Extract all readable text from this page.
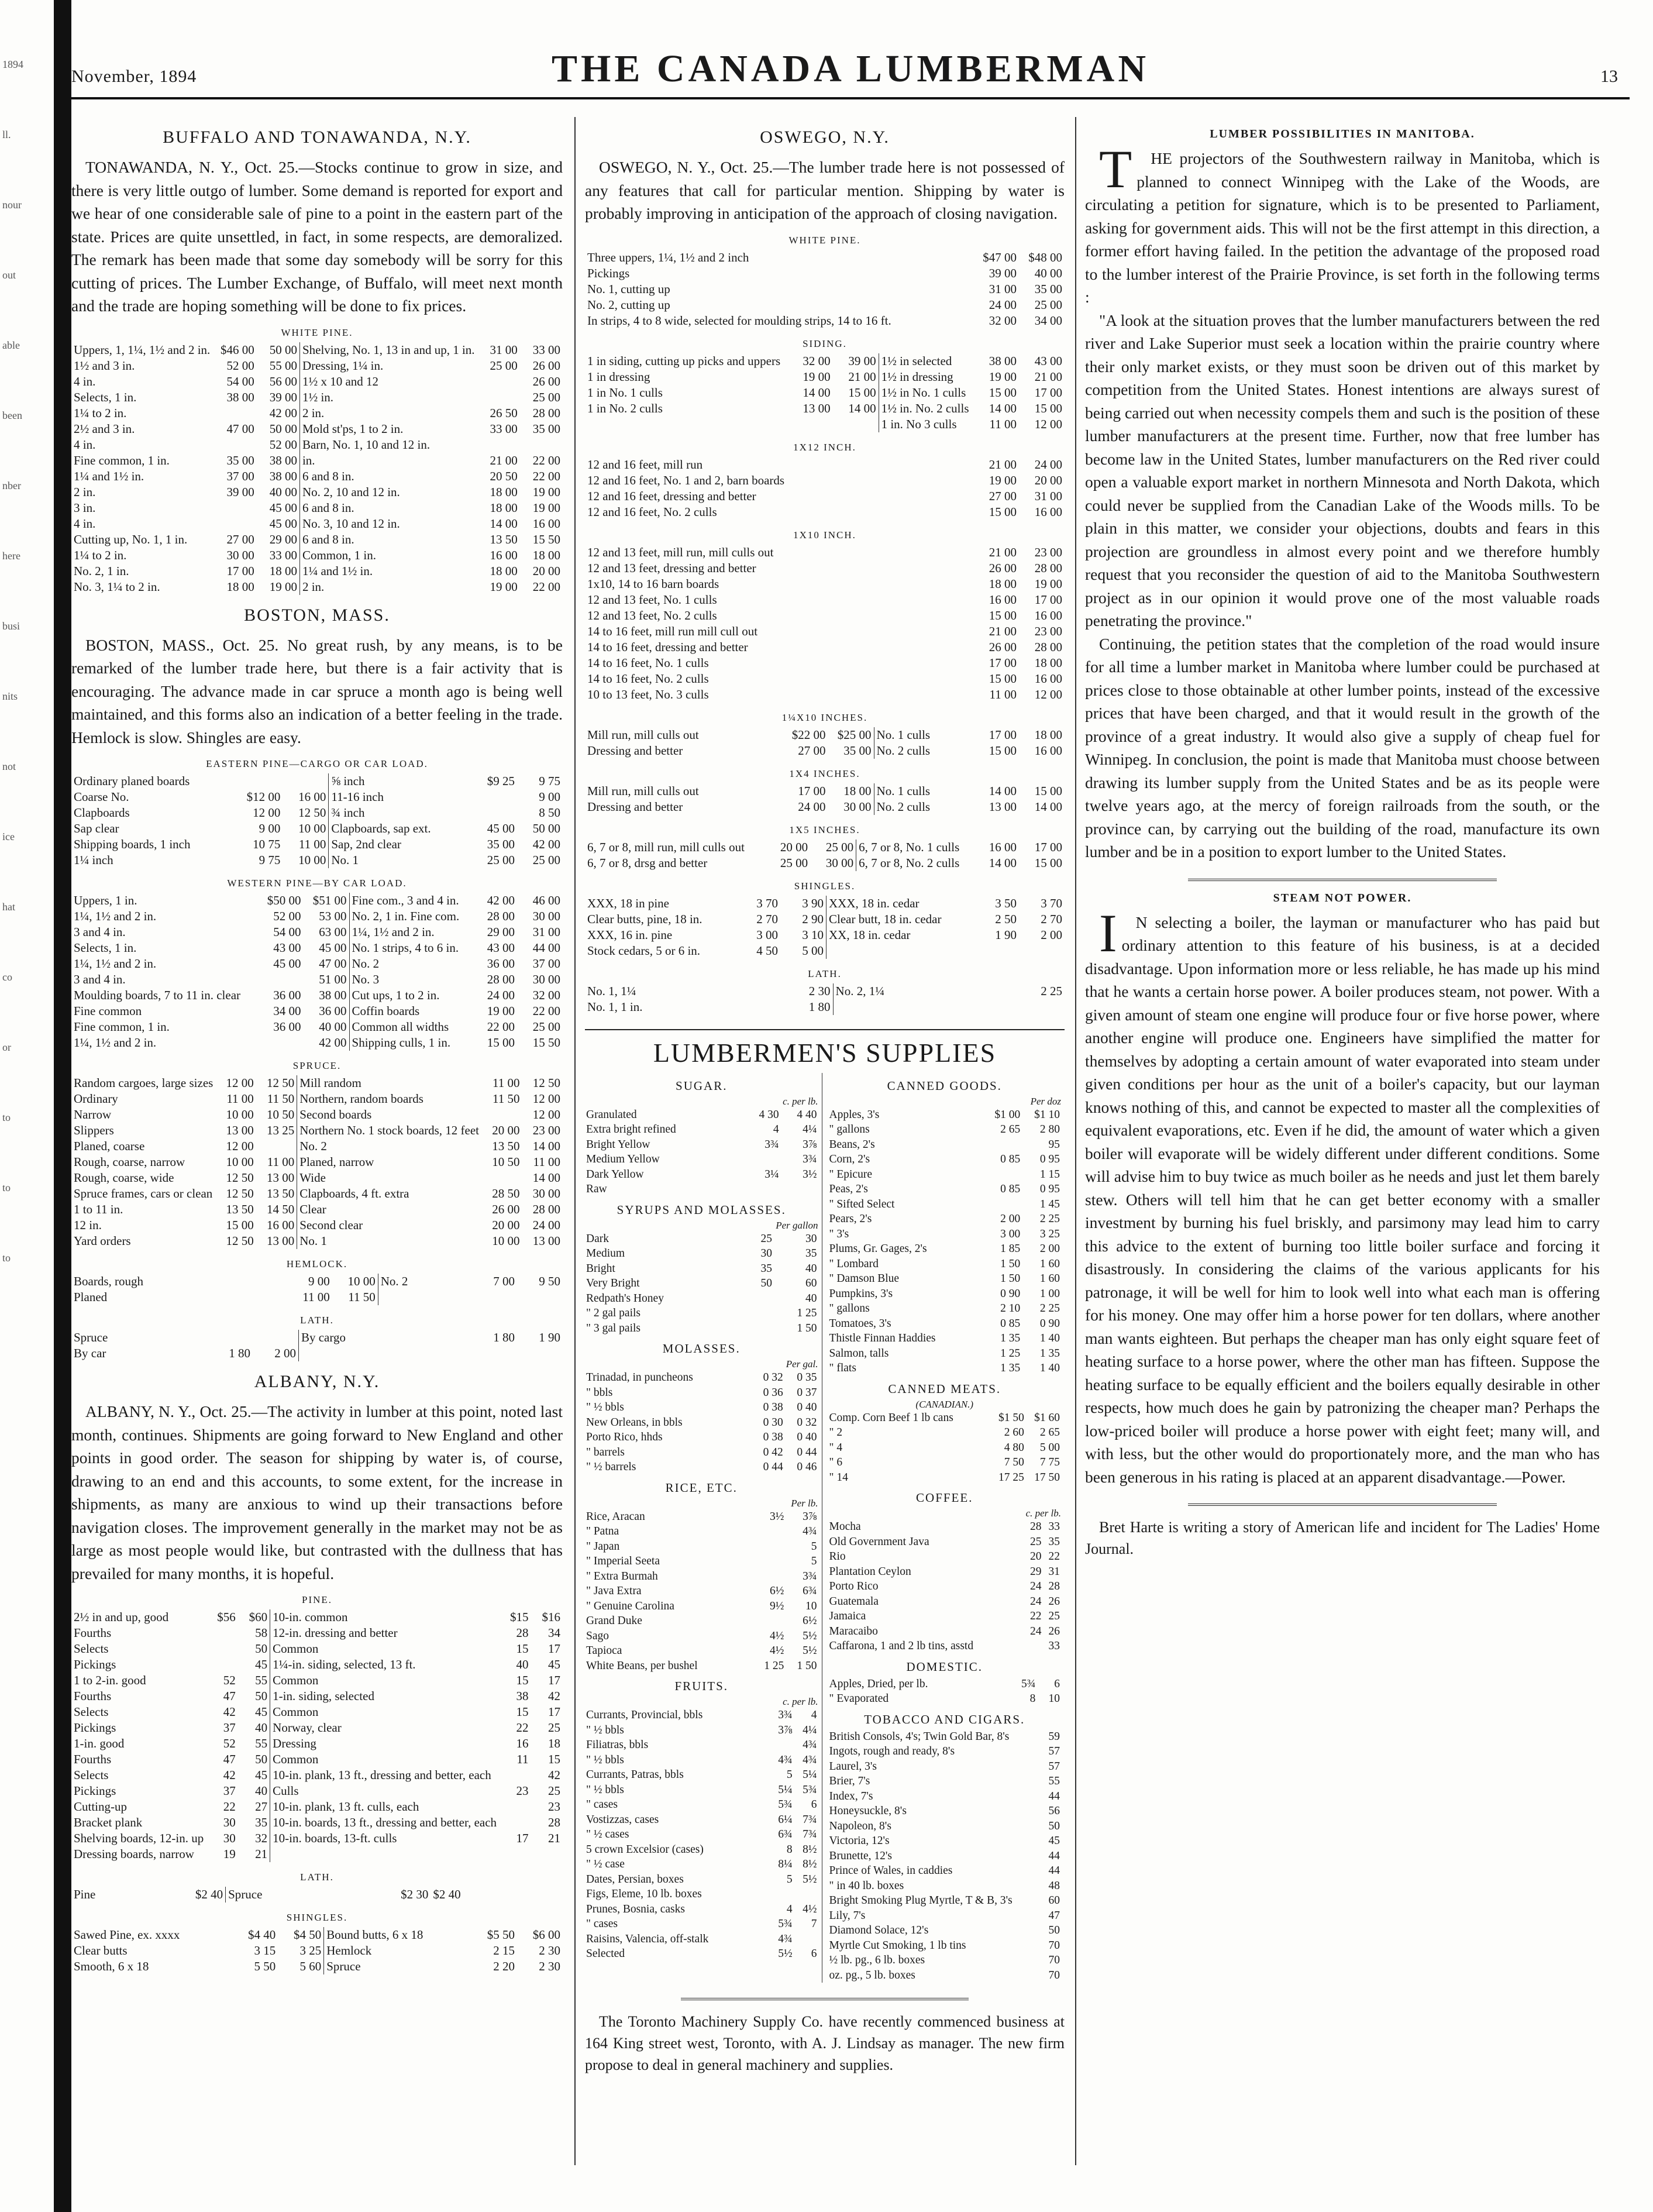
1894

ll.

nour

out

able

been

nber

here

busi

nits

not

ice

hat

co

or

to

to

to
November, 1894	THE CANADA LUMBERMAN	13
BUFFALO AND TONAWANDA, N.Y.

TONAWANDA, N. Y., Oct. 25.—Stocks continue to grow in size, and there is very little outgo of lumber. Some demand is reported for export and we hear of one considerable sale of pine to a point in the eastern part of the state. Prices are quite unsettled, in fact, in some respects, are demoralized. The remark has been made that some day somebody will be sorry for this cutting of prices. The Lumber Exchange, of Buffalo, will meet next month and the trade are hoping something will be done to fix prices.

WHITE PINE.
Uppers, 1, 1¼, 1½ and 2 in.	$46 00	50 00	Shelving, No. 1, 13 in and up, 1 in.	31 00	33 00
1½ and 3 in.	52 00	55 00	Dressing, 1¼ in.	25 00	26 00
4 in.	54 00	56 00	1½ x 10 and 12		26 00
Selects, 1 in.	38 00	39 00	1½ in.		25 00
1¼ to 2 in.		42 00	2 in.	26 50	28 00
2½ and 3 in.	47 00	50 00	Mold st'ps, 1 to 2 in.	33 00	35 00
4 in.		52 00	Barn, No. 1, 10 and 12 in.		
Fine common, 1 in.	35 00	38 00	in.	21 00	22 00
1¼ and 1½ in.	37 00	38 00	6 and 8 in.	20 50	22 00
2 in.	39 00	40 00	No. 2, 10 and 12 in.	18 00	19 00
3 in.		45 00	6 and 8 in.	18 00	19 00
4 in.		45 00	No. 3, 10 and 12 in.	14 00	16 00
Cutting up, No. 1, 1 in.	27 00	29 00	6 and 8 in.	13 50	15 50
1¼ to 2 in.	30 00	33 00	Common, 1 in.	16 00	18 00
No. 2, 1 in.	17 00	18 00	1¼ and 1½ in.	18 00	20 00
No. 3, 1¼ to 2 in.	18 00	19 00	2 in.	19 00	22 00
BOSTON, MASS.

BOSTON, MASS., Oct. 25. No great rush, by any means, is to be remarked of the lumber trade here, but there is a fair activity that is encouraging. The advance made in car spruce a month ago is being well maintained, and this forms also an indication of a better feeling in the trade. Hemlock is slow. Shingles are easy.

EASTERN PINE—CARGO OR CAR LOAD.
Ordinary planed boards			⅝ inch	$9 25	9 75
Coarse No.	$12 00	16 00	11-16 inch		9 00
Clapboards	12 00	12 50	¾ inch		8 50
Sap clear	9 00	10 00	Clapboards, sap ext.	45 00	50 00
Shipping boards, 1 inch	10 75	11 00	Sap, 2nd clear	35 00	42 00
1¼ inch	9 75	10 00	No. 1	25 00	25 00
WESTERN PINE—BY CAR LOAD.
Uppers, 1 in.	$50 00	$51 00	Fine com., 3 and 4 in.	42 00	46 00
1¼, 1½ and 2 in.	52 00	53 00	No. 2, 1 in. Fine com.	28 00	30 00
3 and 4 in.	54 00	63 00	1¼, 1½ and 2 in.	29 00	31 00
Selects, 1 in.	43 00	45 00	No. 1 strips, 4 to 6 in.	43 00	44 00
1¼, 1½ and 2 in.	45 00	47 00	No. 2	36 00	37 00
3 and 4 in.		51 00	No. 3	28 00	30 00
Moulding boards, 7 to 11 in. clear	36 00	38 00	Cut ups, 1 to 2 in.	24 00	32 00
Fine common	34 00	36 00	Coffin boards	19 00	22 00
Fine common, 1 in.	36 00	40 00	Common all widths	22 00	25 00
1¼, 1½ and 2 in.		42 00	Shipping culls, 1 in.	15 00	15 50
SPRUCE.
Random cargoes, large sizes	12 00	12 50	Mill random	11 00	12 50
Ordinary	11 00	11 50	Northern, random boards	11 50	12 00
Narrow	10 00	10 50	Second boards		12 00
Slippers	13 00	13 25	Northern No. 1 stock boards, 12 feet	20 00	23 00
Planed, coarse	12 00		No. 2	13 50	14 00
Rough, coarse, narrow	10 00	11 00	Planed, narrow	10 50	11 00
Rough, coarse, wide	12 50	13 00	Wide		14 00
Spruce frames, cars or clean	12 50	13 50	Clapboards, 4 ft. extra	28 50	30 00
1 to 11 in.	13 50	14 50	Clear	26 00	28 00
12 in.	15 00	16 00	Second clear	20 00	24 00
Yard orders	12 50	13 00	No. 1	10 00	13 00
HEMLOCK.
Boards, rough	9 00	10 00	No. 2	7 00	9 50
Planed	11 00	11 50			
LATH.
Spruce			By cargo	1 80	1 90
By car	1 80	2 00			
ALBANY, N.Y.

ALBANY, N. Y., Oct. 25.—The activity in lumber at this point, noted last month, continues. Shipments are going forward to New England and other points in good order. The season for shipping by water is, of course, drawing to an end and this accounts, to some extent, for the increase in shipments, as many are anxious to wind up their transactions before navigation closes. The improvement generally in the market may not be as large as most people would like, but contrasted with the dullness that has prevailed for many months, it is hopeful.

PINE.
2½ in and up, good	$56	$60	10-in. common	$15	$16
Fourths		58	12-in. dressing and better	28	34
Selects		50	Common	15	17
Pickings		45	1¼-in. siding, selected, 13 ft.	40	45
1 to 2-in. good	52	55	Common	15	17
Fourths	47	50	1-in. siding, selected	38	42
Selects	42	45	Common	15	17
Pickings	37	40	Norway, clear	22	25
1-in. good	52	55	Dressing	16	18
Fourths	47	50	Common	11	15
Selects	42	45	10-in. plank, 13 ft., dressing and better, each		42
Pickings	37	40	Culls	23	25
Cutting-up	22	27	10-in. plank, 13 ft. culls, each		23
Bracket plank	30	35	10-in. boards, 13 ft., dressing and better, each		28
Shelving boards, 12-in. up	30	32	10-in. boards, 13-ft. culls	17	21
Dressing boards, narrow	19	21			
LATH.
Pine	$2 40	Spruce	$2 30	$2 40
SHINGLES.
Sawed Pine, ex. xxxx	$4 40	$4 50	Bound butts, 6 x 18	$5 50	$6 00
Clear butts	3 15	3 25	Hemlock	2 15	2 30
Smooth, 6 x 18	5 50	5 60	Spruce	2 20	2 30
OSWEGO, N.Y.

OSWEGO, N. Y., Oct. 25.—The lumber trade here is not possessed of any features that call for particular mention. Shipping by water is probably improving in anticipation of the approach of closing navigation.

WHITE PINE.
Three uppers, 1¼, 1½ and 2 inch	$47 00	$48 00
Pickings	39 00	40 00
No. 1, cutting up	31 00	35 00
No. 2, cutting up	24 00	25 00
In strips, 4 to 8 wide, selected for moulding strips, 14 to 16 ft.	32 00	34 00
SIDING.
1 in siding, cutting up picks and uppers	32 00	39 00	1½ in selected	38 00	43 00
1 in dressing	19 00	21 00	1½ in dressing	19 00	21 00
1 in No. 1 culls	14 00	15 00	1½ in No. 1 culls	15 00	17 00
1 in No. 2 culls	13 00	14 00	1½ in. No. 2 culls	14 00	15 00
			1 in. No 3 culls	11 00	12 00
1X12 INCH.
12 and 16 feet, mill run	21 00	24 00
12 and 16 feet, No. 1 and 2, barn boards	19 00	20 00
12 and 16 feet, dressing and better	27 00	31 00
12 and 16 feet, No. 2 culls	15 00	16 00
1X10 INCH.
12 and 13 feet, mill run, mill culls out	21 00	23 00
12 and 13 feet, dressing and better	26 00	28 00
1x10, 14 to 16 barn boards	18 00	19 00
12 and 13 feet, No. 1 culls	16 00	17 00
12 and 13 feet, No. 2 culls	15 00	16 00
14 to 16 feet, mill run mill cull out	21 00	23 00
14 to 16 feet, dressing and better	26 00	28 00
14 to 16 feet, No. 1 culls	17 00	18 00
14 to 16 feet, No. 2 culls	15 00	16 00
10 to 13 feet, No. 3 culls	11 00	12 00
1¼X10 INCHES.
Mill run, mill culls out	$22 00	$25 00	No. 1 culls	17 00	18 00
Dressing and better	27 00	35 00	No. 2 culls	15 00	16 00
1X4 INCHES.
Mill run, mill culls out	17 00	18 00	No. 1 culls	14 00	15 00
Dressing and better	24 00	30 00	No. 2 culls	13 00	14 00
1X5 INCHES.
6, 7 or 8, mill run, mill culls out	20 00	25 00	6, 7 or 8, No. 1 culls	16 00	17 00
6, 7 or 8, drsg and better	25 00	30 00	6, 7 or 8, No. 2 culls	14 00	15 00
SHINGLES.
XXX, 18 in pine	3 70	3 90	XXX, 18 in. cedar	3 50	3 70
Clear butts, pine, 18 in.	2 70	2 90	Clear butt, 18 in. cedar	2 50	2 70
XXX, 16 in. pine	3 00	3 10	XX, 18 in. cedar	1 90	2 00
Stock cedars, 5 or 6 in.	4 50	5 00			
LATH.
No. 1, 1¼		2 30	No. 2, 1¼		2 25
No. 1, 1 in.		1 80			
LUMBERMEN'S SUPPLIES
SUGAR.
c. per lb.
Granulated	4 30	4 40
Extra bright refined	4	4¼
Bright Yellow	3¾	3⅞
Medium Yellow		3¾
Dark Yellow	3¼	3½
Raw		
SYRUPS AND MOLASSES.
Per gallon
Dark	25	30
Medium	30	35
Bright	35	40
Very Bright	50	60
Redpath's Honey		40
" 2 gal pails		1 25
" 3 gal pails		1 50
MOLASSES.
Per gal.
Trinadad, in puncheons	0 32	0 35
" bbls	0 36	0 37
" ½ bbls	0 38	0 40
New Orleans, in bbls	0 30	0 32
Porto Rico, hhds	0 38	0 40
" barrels	0 42	0 44
" ½ barrels	0 44	0 46
RICE, ETC.
Per lb.
Rice, Aracan	3½	3⅞
" Patna		4¾
" Japan		5
" Imperial Seeta		5
" Extra Burmah		3¾
" Java Extra	6½	6¾
" Genuine Carolina	9½	10
Grand Duke		6½
Sago	4½	5½
Tapioca	4½	5½
White Beans, per bushel	1 25	1 50
FRUITS.
c. per lb.
Currants, Provincial, bbls	3¾	4
" ½ bbls	3⅞	4¼
Filiatras, bbls		4¾
" ½ bbls	4¾	4¾
Currants, Patras, bbls	5	5¼
" ½ bbls	5¼	5¾
" cases	5¾	6
Vostizzas, cases	6¼	7¾
" ½ cases	6¾	7¾
5 crown Excelsior (cases)	8	8½
" ½ case	8¼	8½
Dates, Persian, boxes	5	5½
Figs, Eleme, 10 lb. boxes		
Prunes, Bosnia, casks	4	4½
" cases	5¾	7
Raisins, Valencia, off-stalk	4¾	
Selected	5½	6
CANNED GOODS.
Per doz
Apples, 3's	$1 00	$1 10
" gallons	2 65	2 80
Beans, 2's		95
Corn, 2's	0 85	0 95
" Epicure		1 15
Peas, 2's	0 85	0 95
" Sifted Select		1 45
Pears, 2's	2 00	2 25
" 3's	3 00	3 25
Plums, Gr. Gages, 2's	1 85	2 00
" Lombard	1 50	1 60
" Damson Blue	1 50	1 60
Pumpkins, 3's	0 90	1 00
" gallons	2 10	2 25
Tomatoes, 3's	0 85	0 90
Thistle Finnan Haddies	1 35	1 40
Salmon, talls	1 25	1 35
" flats	1 35	1 40
CANNED MEATS.
(CANADIAN.)
Comp. Corn Beef 1 lb cans	$1 50	$1 60
" 2	2 60	2 65
" 4	4 80	5 00
" 6	7 50	7 75
" 14	17 25	17 50
COFFEE.
c. per lb.
Mocha	28	33
Old Government Java	25	35
Rio	20	22
Plantation Ceylon	29	31
Porto Rico	24	28
Guatemala	24	26
Jamaica	22	25
Maracaibo	24	26
Caffarona, 1 and 2 lb tins, asstd		33
DOMESTIC.
Apples, Dried, per lb.	5¾	6
" Evaporated	8	10
TOBACCO AND CIGARS.
British Consols, 4's; Twin Gold Bar, 8's		59
Ingots, rough and ready, 8's		57
Laurel, 3's		57
Brier, 7's		55
Index, 7's		44
Honeysuckle, 8's		56
Napoleon, 8's		50
Victoria, 12's		45
Brunette, 12's		44
Prince of Wales, in caddies		44
" in 40 lb. boxes		48
Bright Smoking Plug Myrtle, T & B, 3's		60
Lily, 7's		47
Diamond Solace, 12's		50
Myrtle Cut Smoking, 1 lb tins		70
½ lb. pg., 6 lb. boxes		70
oz. pg., 5 lb. boxes		70

The Toronto Machinery Supply Co. have recently commenced business at 164 King street west, Toronto, with A. J. Lindsay as manager. The new firm propose to deal in general machinery and supplies.

LUMBER POSSIBILITIES IN MANITOBA.

THE projectors of the Southwestern railway in Manitoba, which is planned to connect Winnipeg with the Lake of the Woods, are circulating a petition for signature, which is to be presented to Parliament, asking for government aids. This will not be the first attempt in this direction, a former effort having failed. In the petition the advantage of the proposed road to the lumber interest of the Prairie Province, is set forth in the following terms :

"A look at the situation proves that the lumber manufacturers between the red river and Lake Superior must seek a location within the prairie country where their only market exists, or they must soon be driven out of this market by competition from the United States. Honest intentions are always surest of being carried out when necessity compels them and such is the position of these lumber manufacturers at the present time. Further, now that free lumber has become law in the United States, lumber manufacturers on the Red river could open a valuable export market in northern Minnesota and North Dakota, which could never be supplied from the Canadian Lake of the Woods mills. To be plain in this matter, we consider your objections, doubts and fears in this projection are groundless in almost every point and we therefore humbly request that you reconsider the question of aid to the Manitoba Southwestern project as in our opinion it would prove one of the most valuable roads penetrating the province."

Continuing, the petition states that the completion of the road would insure for all time a lumber market in Manitoba where lumber could be purchased at prices close to those obtainable at other lumber points, instead of the excessive prices that have been charged, and that it would result in the growth of the province of a great industry. It would also give a supply of cheap fuel for Winnipeg. In conclusion, the point is made that Manitoba must choose between drawing its lumber supply from the United States and be as its people were twelve years ago, at the mercy of foreign railroads from the south, or the province can, by carrying out the building of the road, manufacture its own lumber and be in a position to export lumber to the United States.

STEAM NOT POWER.

IN selecting a boiler, the layman or manufacturer who has paid but ordinary attention to this feature of his business, is at a decided disadvantage. Upon information more or less reliable, he has made up his mind that he wants a certain horse power. A boiler produces steam, not power. With a given amount of steam one engine will produce four or five horse power, where another engine will produce one. Engineers have simplified the matter for themselves by adopting a certain amount of water evaporated into steam under given conditions per hour as the unit of a boiler's capacity, but our layman knows nothing of this, and cannot be expected to master all the complexities of equivalent evaporations, etc. Even if he did, the amount of water which a given boiler will evaporate will be widely different under different conditions. Some will advise him to buy twice as much boiler as he needs and just let them barely stew. Others will tell him that he can get better economy with a smaller investment by burning his fuel briskly, and parsimony may lead him to carry this advice to the extent of burning too little boiler surface and forcing it disastrously. In considering the claims of the various applicants for his patronage, it will be well for him to look well into what each man is offering for his money. One may offer him a horse power for ten dollars, where another man wants eighteen. But perhaps the cheaper man has only eight square feet of heating surface to a horse power, where the other man has fifteen. Suppose the heating surface to be equally efficient and the boilers equally desirable in other respects, how much does he gain by patronizing the cheaper man? Perhaps the low-priced boiler will produce a horse power with eight feet; many will, and with less, but the other would do proportionately more, and the man who has been generous in his rating is placed at an apparent disadvantage.—Power.

Bret Harte is writing a story of American life and incident for The Ladies' Home Journal.
